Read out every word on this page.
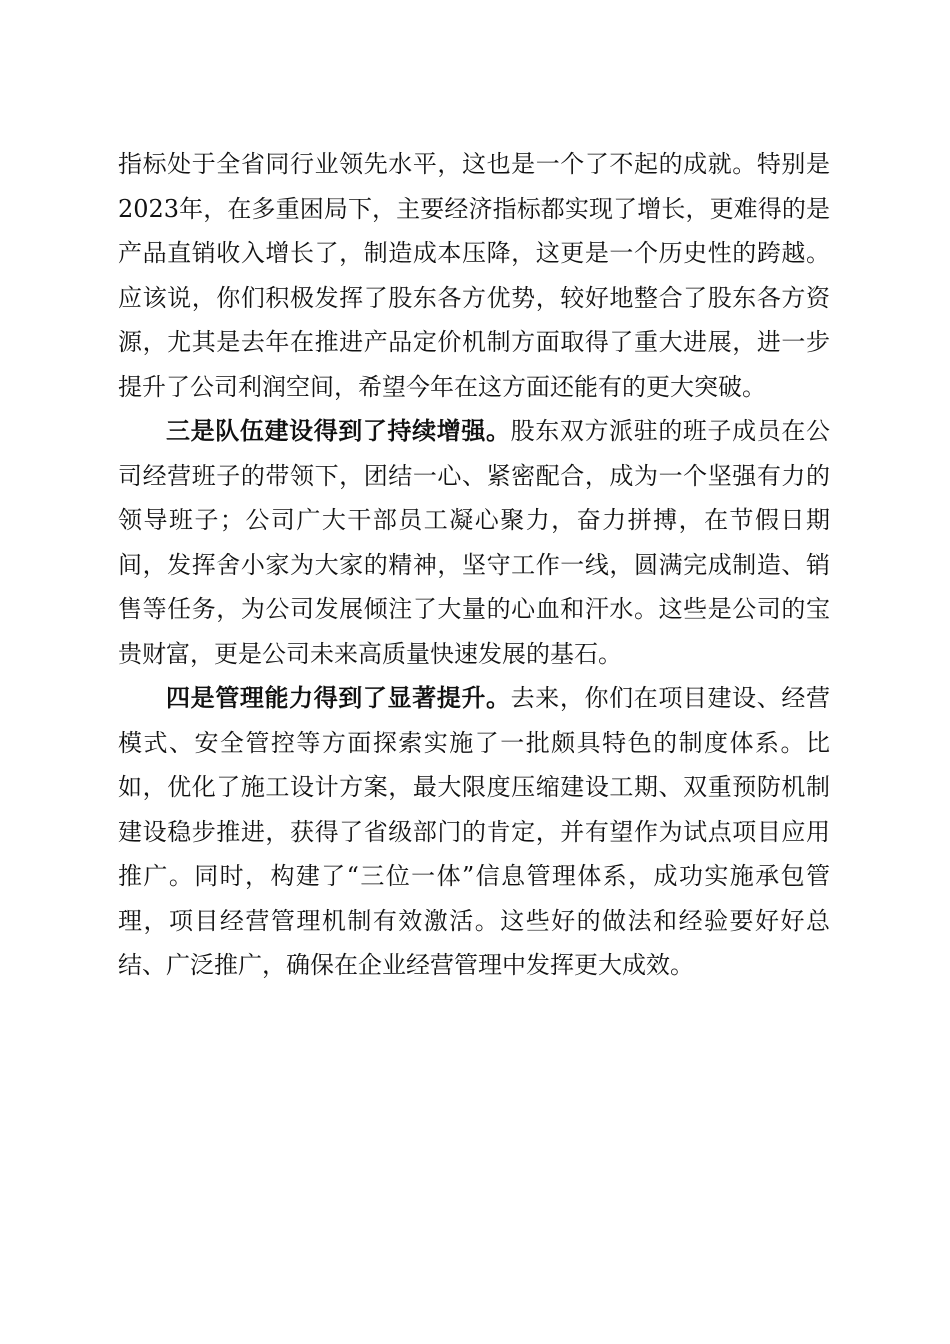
指标处于全省同行业领先水平，这也是一个了不起的成就。特别是2023年，在多重困局下，主要经济指标都实现了增长，更难得的是产品直销收入增长了，制造成本压降，这更是一个历史性的跨越。应该说，你们积极发挥了股东各方优势，较好地整合了股东各方资源，尤其是去年在推进产品定价机制方面取得了重大进展，进一步提升了公司利润空间，希望今年在这方面还能有的更大突破。

三是队伍建设得到了持续增强。股东双方派驻的班子成员在公司经营班子的带领下，团结一心、紧密配合，成为一个坚强有力的领导班子；公司广大干部员工凝心聚力，奋力拼搏，在节假日期间，发挥舍小家为大家的精神，坚守工作一线，圆满完成制造、销售等任务，为公司发展倾注了大量的心血和汗水。这些是公司的宝贵财富，更是公司未来高质量快速发展的基石。

四是管理能力得到了显著提升。去来，你们在项目建设、经营模式、安全管控等方面探索实施了一批颇具特色的制度体系。比如，优化了施工设计方案，最大限度压缩建设工期、双重预防机制建设稳步推进，获得了省级部门的肯定，并有望作为试点项目应用推广。同时，构建了“三位一体”信息管理体系，成功实施承包管理，项目经营管理机制有效激活。这些好的做法和经验要好好总结、广泛推广，确保在企业经营管理中发挥更大成效。
